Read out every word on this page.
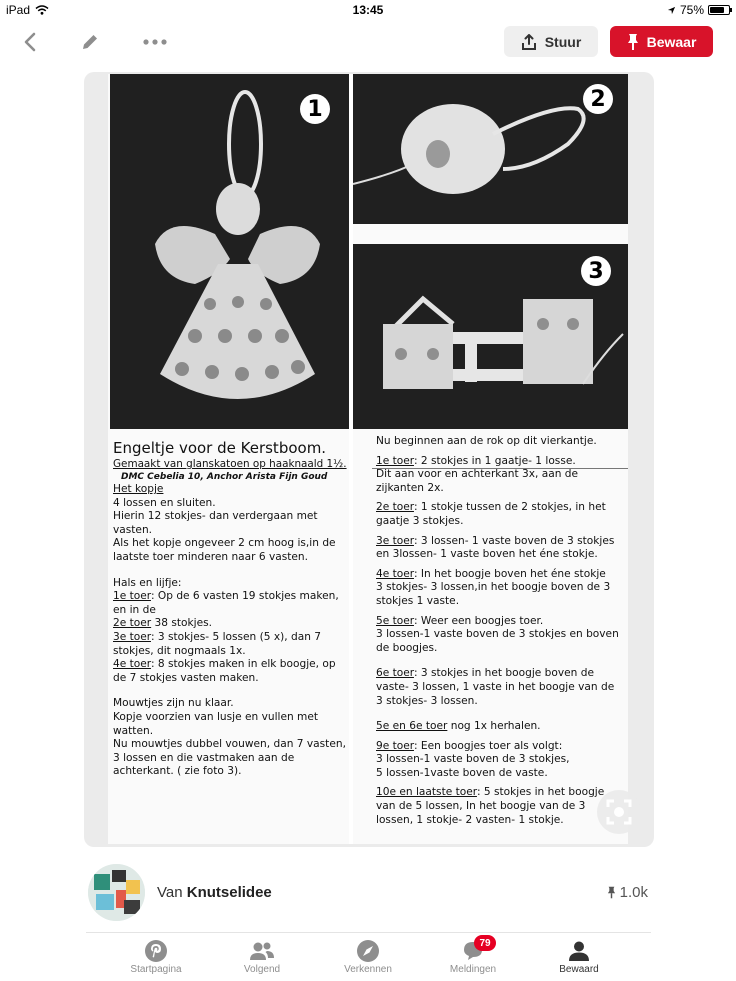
iPad	13:45	75%
Stuur	Bewaar
1	2
3
Engeltje voor de Kerstboom.
Gemaakt van glanskatoen op haaknaald 1½.
DMC Cebelia 10, Anchor Arista Fijn Goud
Het kopje
4 lossen en sluiten.
Hierin 12 stokjes- dan verdergaan met
vasten.
Als het kopje ongeveer 2 cm hoog is,in de
laatste toer minderen naar 6 vasten.
Hals en lijfje:
1e toer: Op de 6 vasten 19 stokjes maken,
en in de
2e toer 38 stokjes.
3e toer: 3 stokjes- 5 lossen (5 x), dan 7
stokjes, dit nogmaals 1x.
4e toer: 8 stokjes maken in elk boogje, op
de 7 stokjes vasten maken.
Mouwtjes zijn nu klaar.
Kopje voorzien van lusje en vullen met
watten.
Nu mouwtjes dubbel vouwen, dan 7 vasten,
3 lossen en die vastmaken aan de
achterkant. ( zie foto 3).
Nu beginnen aan de rok op dit vierkantje.
1e toer: 2 stokjes in 1 gaatje- 1 losse.
Dit aan voor en achterkant 3x, aan de
zijkanten 2x.
2e toer: 1 stokje tussen de 2 stokjes, in het
gaatje 3 stokjes.
3e toer: 3 lossen- 1 vaste boven de 3 stokjes
en 3lossen- 1 vaste boven het éne stokje.
4e toer: In het boogje boven het éne stokje
3 stokjes- 3 lossen,in het boogje boven de 3
stokjes 1 vaste.
5e toer: Weer een boogjes toer.
3 lossen-1 vaste boven de 3 stokjes en boven
de boogjes.
6e toer: 3 stokjes in het boogje boven de
vaste- 3 lossen, 1 vaste in het boogje van de
3 stokjes- 3 lossen.
5e en 6e toer nog 1x herhalen.
9e toer: Een boogjes toer als volgt:
3 lossen-1 vaste boven de 3 stokjes,
5 lossen-1vaste boven de vaste.
10e en laatste toer: 5 stokjes in het boogje
van de 5 lossen, In het boogje van de 3
lossen, 1 stokje- 2 vasten- 1 stokje.
Van Knutselidee	1.0k
Startpagina	Volgend	Verkennen
79
Meldingen	Bewaard
